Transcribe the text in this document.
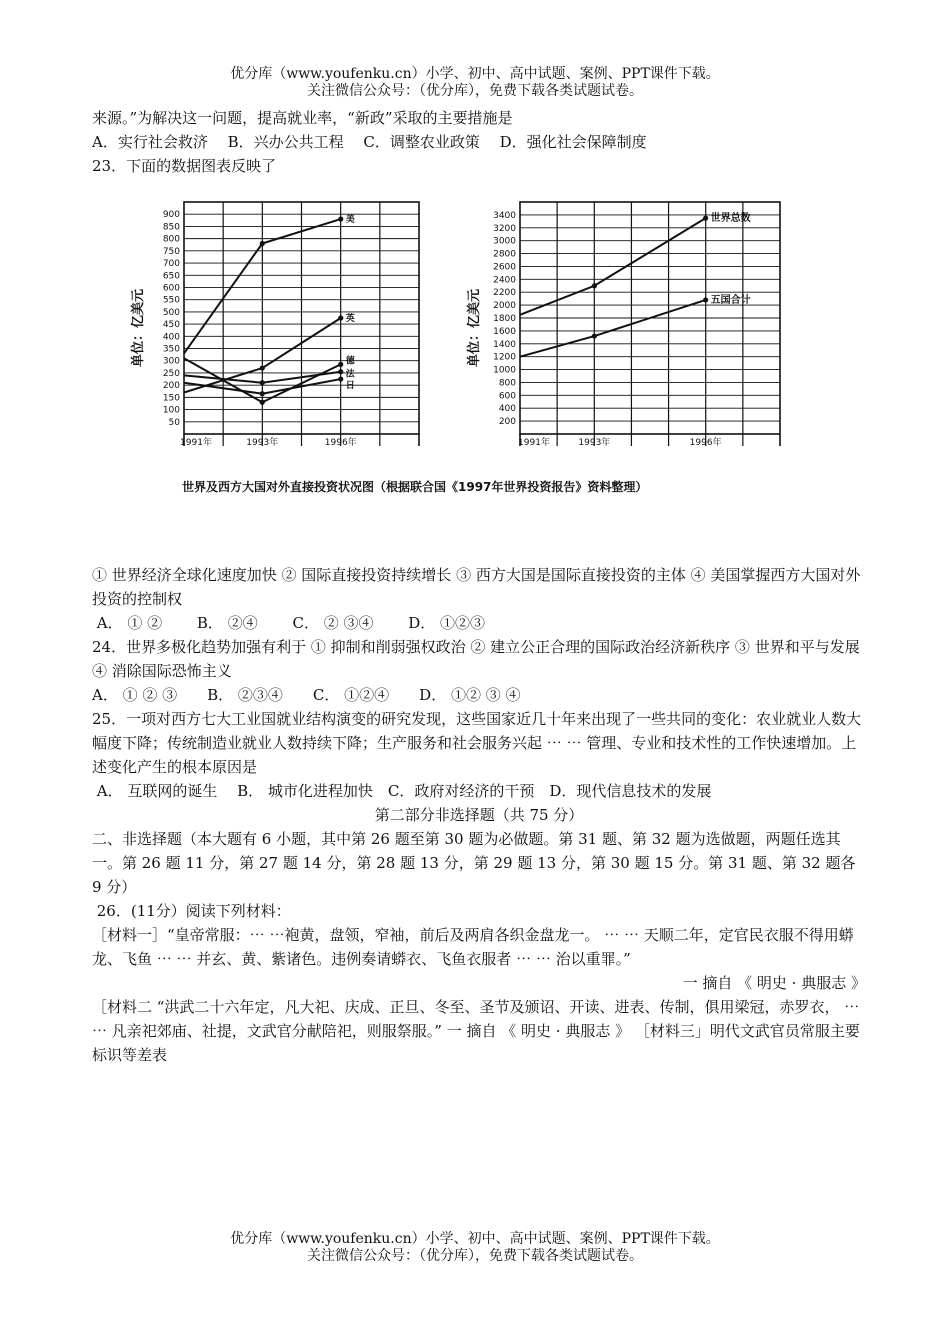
优分库（www.youfenku.cn）小学、初中、高中试题、案例、PPT课件下载。
关注微信公众号：（优分库），免费下载各类试题试卷。

来源。”为解决这一问题，提高就业率，“新政”采取的主要措施是

A．实行社会救济　 B．兴办公共工程　 C．调整农业政策　 D．强化社会保障制度

23．下面的数据图表反映了

50
100
150
200
250
300
350
400
450
500
550
600
650
700
750
800
850
900
1991年	1993年	1996年
单位：亿美元
美
英
德
法
日
200
400
600
800
1000
1200
1400
1600
1800
2000
2200
2400
2600
2800
3000
3200
3400
1991年	1993年	1996年
单位：亿美元
世界总数
五国合计
世界及西方大国对外直接投资状况图（根据联合国《1997年世界投资报告》资料整理）

① 世界经济全球化速度加快 ② 国际直接投资持续增长 ③ 西方大国是国际直接投资的主体 ④ 美国掌握西方大国对外投资的控制权

A． ① ②　　 B． ②④　　 C． ② ③④　　 D． ①②③

24．世界多极化趋势加强有利于 ① 抑制和削弱强权政治 ② 建立公正合理的国际政治经济新秩序 ③ 世界和平与发展 ④ 消除国际恐怖主义

A． ① ② ③　　B． ②③④　　C． ①②④　　D． ①② ③ ④

25．一项对西方七大工业国就业结构演变的研究发现，这些国家近几十年来出现了一些共同的变化：农业就业人数大幅度下降；传统制造业就业人数持续下降；生产服务和社会服务兴起 ⋯ ⋯ 管理、专业和技术性的工作快速增加。上述变化产生的根本原因是

A． 互联网的诞生　 B． 城市化进程加快　C．政府对经济的干预　D．现代信息技术的发展

第二部分非选择题（共 75 分）

二、非选择题（本大题有 6 小题，其中第 26 题至第 30 题为必做题。第 31 题、第 32 题为选做题，两题任选其一。第 26 题 11 分，第 27 题 14 分，第 28 题 13 分，第 29 题 13 分，第 30 题 15 分。第 31 题、第 32 题各 9 分）

26．(11分）阅读下列材料：

［材料一］“皇帝常服：⋯ ⋯袍黄，盘领，窄袖，前后及两肩各织金盘龙一。 ⋯ ⋯ 天顺二年，定官民衣服不得用蟒龙、飞鱼 ⋯ ⋯ 并玄、黄、紫诸色。违例奏请蟒衣、飞鱼衣服者 ⋯ ⋯ 治以重罪。”

一 摘自 《 明史 · 典服志 》

［材料二 “洪武二十六年定，凡大祀、庆成、正旦、冬至、圣节及颁诏、开读、进表、传制，俱用梁冠，赤罗衣， ⋯ ⋯ 凡亲祀郊庙、社提，文武官分献陪祀，则服祭服。” 一 摘自 《 明史 · 典服志 》 ［材料三」明代文武官员常服主要标识等差表

优分库（www.youfenku.cn）小学、初中、高中试题、案例、PPT课件下载。
关注微信公众号：（优分库），免费下载各类试题试卷。
